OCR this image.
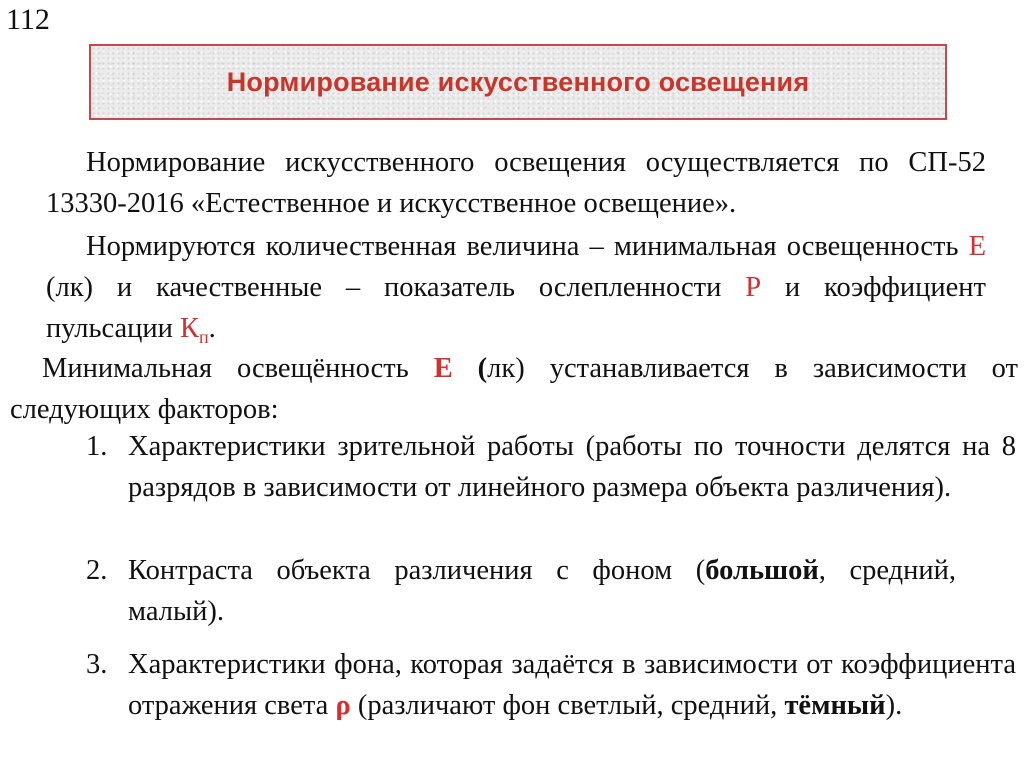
112
Нормирование искусственного освещения

Нормирование искусственного освещения осуществляется по СП-52 13330-2016 «Естественное и искусственное освещение».

Нормируются количественная величина – минимальная освещенность Е (лк) и качественные – показатель ослепленности Р и коэффициент пульсации $К_п$.

Минимальная освещённость Е (лк) устанавливается в зависимости от следующих факторов:

1. Характеристики зрительной работы (работы по точности делятся на 8 разрядов в зависимости от линейного размера объекта различения).
2. Контраста объекта различения с фоном (большой, средний, малый).
3. Характеристики фона, которая задаётся в зависимости от коэффициента отражения света ρ (различают фон светлый, средний, тёмный).
